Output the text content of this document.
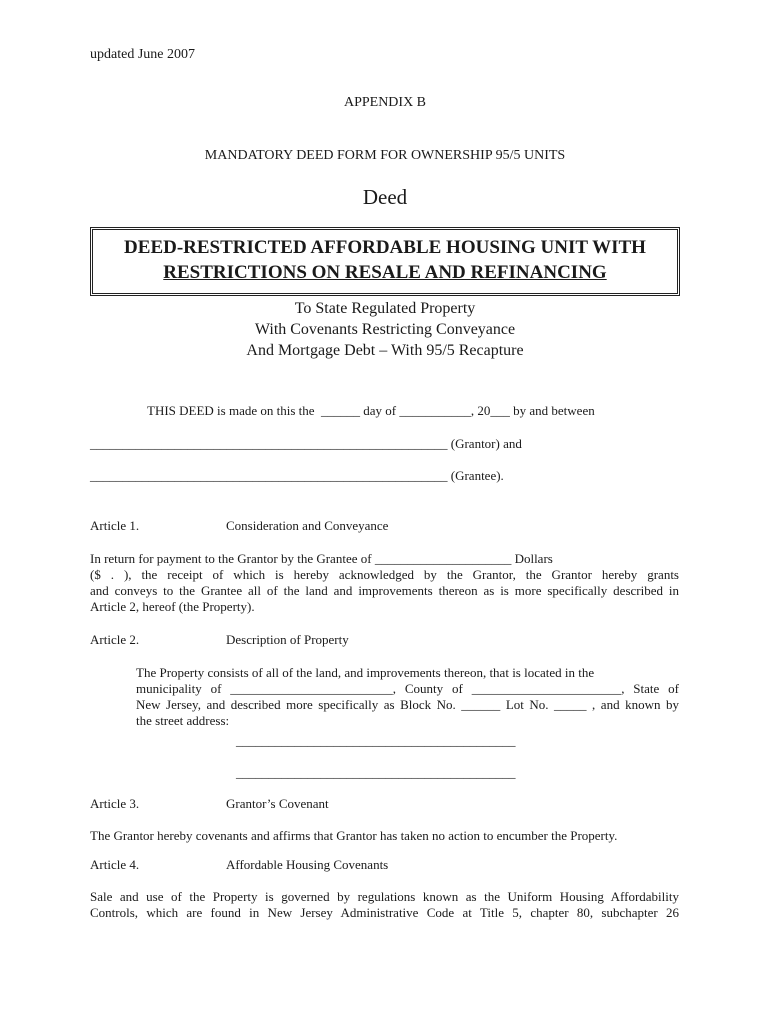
updated June 2007
APPENDIX B
MANDATORY DEED FORM FOR OWNERSHIP 95/5 UNITS
Deed
DEED-RESTRICTED AFFORDABLE HOUSING UNIT WITH
RESTRICTIONS ON RESALE AND REFINANCING
To State Regulated Property
With Covenants Restricting Conveyance
And Mortgage Debt – With 95/5 Recapture
THIS DEED is made on this the  ______ day of ___________, 20___ by and between
_______________________________________________________ (Grantor) and
_______________________________________________________ (Grantee).
Article 1.	Consideration and Conveyance
In return for payment to the Grantor by the Grantee of _____________________ Dollars
($ . ), the receipt of which is hereby acknowledged by the Grantor, the Grantor hereby grants
and conveys to the Grantee all of the land and improvements thereon as is more specifically described in
Article 2, hereof (the Property).
Article 2.	Description of Property
The Property consists of all of the land, and improvements thereon, that is located in the
municipality of _________________________, County of _______________________, State of
New Jersey, and described more specifically as Block No. ______ Lot No. _____ , and known by
the street address:
___________________________________________
___________________________________________
Article 3.	Grantor’s Covenant
The Grantor hereby covenants and affirms that Grantor has taken no action to encumber the Property.
Article 4.	Affordable Housing Covenants
Sale and use of the Property is governed by regulations known as the Uniform Housing Affordability
Controls, which are found in New Jersey Administrative Code at Title 5, chapter 80, subchapter 26
